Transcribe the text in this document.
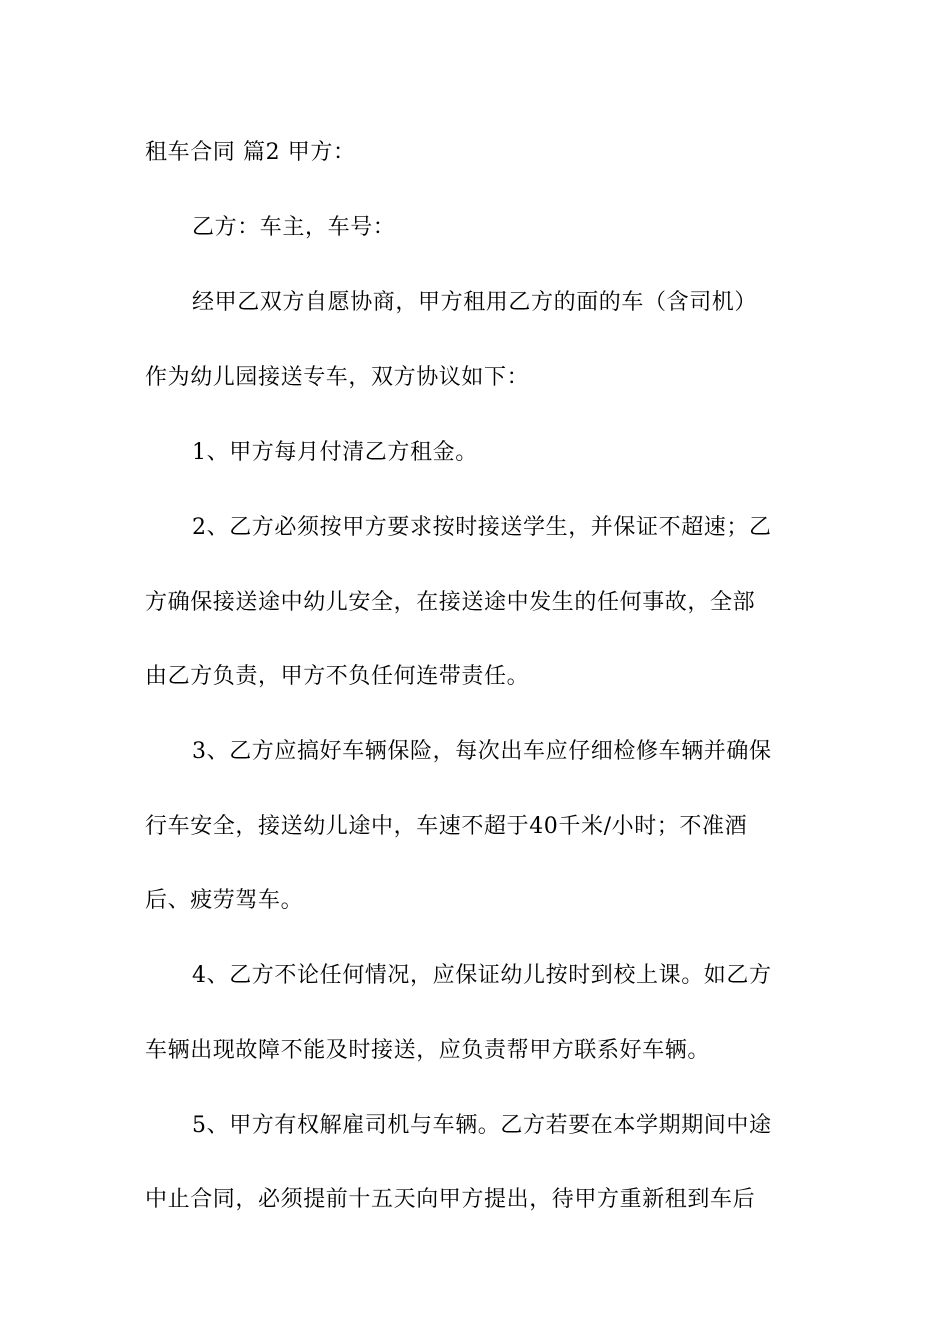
租车合同 篇2 甲方：
乙方：车主，车号：
经甲乙双方自愿协商，甲方租用乙方的面的车（含司机）
作为幼儿园接送专车，双方协议如下：
1、甲方每月付清乙方租金。
2、乙方必须按甲方要求按时接送学生，并保证不超速；乙
方确保接送途中幼儿安全，在接送途中发生的任何事故，全部
由乙方负责，甲方不负任何连带责任。
3、乙方应搞好车辆保险，每次出车应仔细检修车辆并确保
行车安全，接送幼儿途中，车速不超于40千米/小时；不准酒
后、疲劳驾车。
4、乙方不论任何情况，应保证幼儿按时到校上课。如乙方
车辆出现故障不能及时接送，应负责帮甲方联系好车辆。
5、甲方有权解雇司机与车辆。乙方若要在本学期期间中途
中止合同，必须提前十五天向甲方提出，待甲方重新租到车后
